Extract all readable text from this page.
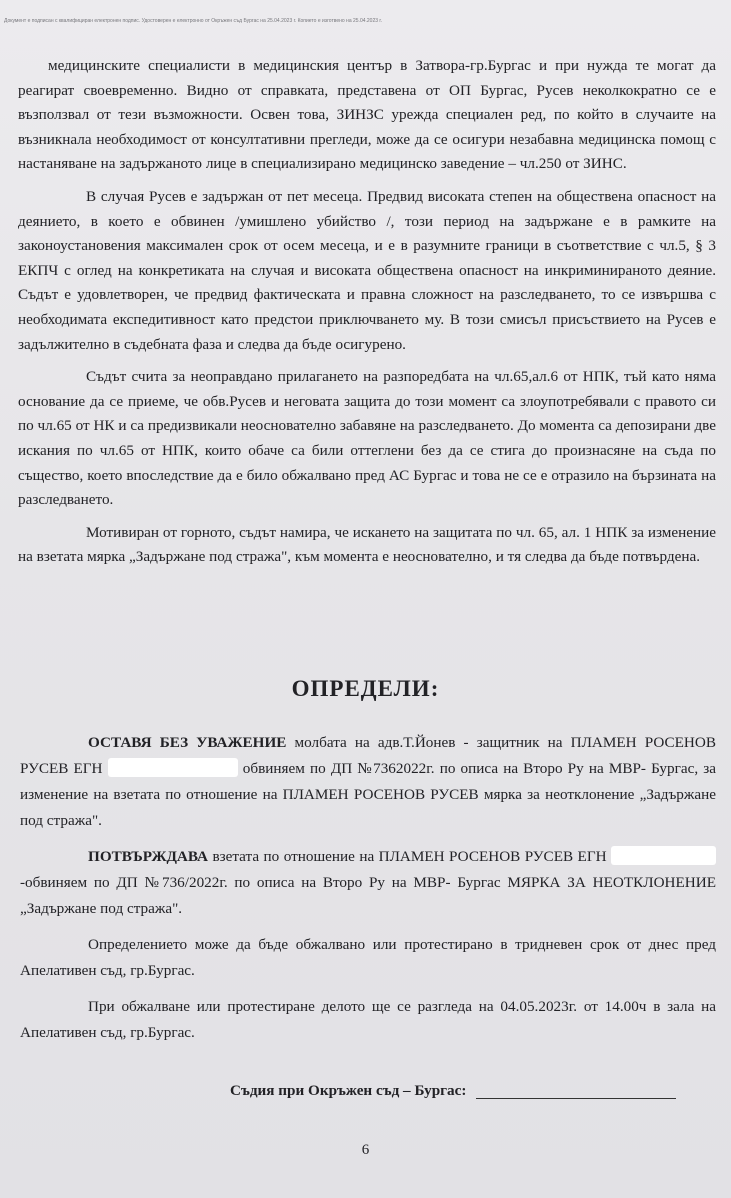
Документ е подписан с квалифициран електронен подпис. Удостоверен е електронно от Окръжен съд Бургас на 25.04.2023 г. Копието е изготвено на 25.04.2023 г.

медицинските специалисти в медицинския център в Затвора-гр.Бургас и при нужда те могат да реагират своевременно. Видно от справката, представена от ОП Бургас, Русев неколкократно се е възползвал от тези възможности. Освен това, ЗИНЗС урежда специален ред, по който в случаите на възникнала необходимост от консултативни прегледи, може да се осигури незабавна медицинска помощ с настаняване на задържаното лице в специализирано медицинско заведение – чл.250 от ЗИНС.

В случая Русев е задържан от пет месеца. Предвид високата степен на обществена опасност на деянието, в което е обвинен /умишлено убийство /, този период на задържане е в рамките на законоустановения максимален срок от осем месеца, и е в разумните граници в съответствие с чл.5, § 3 ЕКПЧ с оглед на конкретиката на случая и високата обществена опасност на инкриминираното деяние. Съдът е удовлетворен, че предвид фактическата и правна сложност на разследването, то се извършва с необходимата експедитивност като предстои приключването му. В този смисъл присъствието на Русев е задължително в съдебната фаза и следва да бъде осигурено.

Съдът счита за неоправдано прилагането на разпоредбата на чл.65,ал.6 от НПК, тъй като няма основание да се приеме, че обв.Русев и неговата защита до този момент са злоупотребявали с правото си по чл.65 от НК и са предизвикали неоснователно забавяне на разследването. До момента са депозирани две искания по чл.65 от НПК, които обаче са били оттеглени без да се стига до произнасяне на съда по същество, което впоследствие да е било обжалвано пред АС Бургас и това не се е отразило на бързината на разследването.

Мотивиран от горното, съдът намира, че искането на защитата по чл. 65, ал. 1 НПК за изменение на взетата мярка „Задържане под стража", към момента е неоснователно, и тя следва да бъде потвърдена.

ОПРЕДЕЛИ:

ОСТАВЯ БЕЗ УВАЖЕНИЕ молбата на адв.Т.Йонев - защитник на ПЛАМЕН РОСЕНОВ РУСЕВ ЕГН	обвиняем по ДП №7362022г. по описа на Второ Ру на МВР- Бургас, за изменение на взетата по отношение на ПЛАМЕН РОСЕНОВ РУСЕВ мярка за неотклонение „Задържане под стража".

ПОТВЪРЖДАВА взетата по отношение на ПЛАМЕН РОСЕНОВ РУСЕВ ЕГН -обвиняем по ДП №736/2022г. по описа на Второ Ру на МВР- Бургас МЯРКА ЗА НЕОТКЛОНЕНИЕ „Задържане под стража".

Определението може да бъде обжалвано или протестирано в тридневен срок от днес пред Апелативен съд, гр.Бургас.

При обжалване или протестиране делото ще се разгледа на 04.05.2023г. от 14.00ч в зала на Апелативен съд, гр.Бургас.

Съдия при Окръжен съд – Бургас:
6
